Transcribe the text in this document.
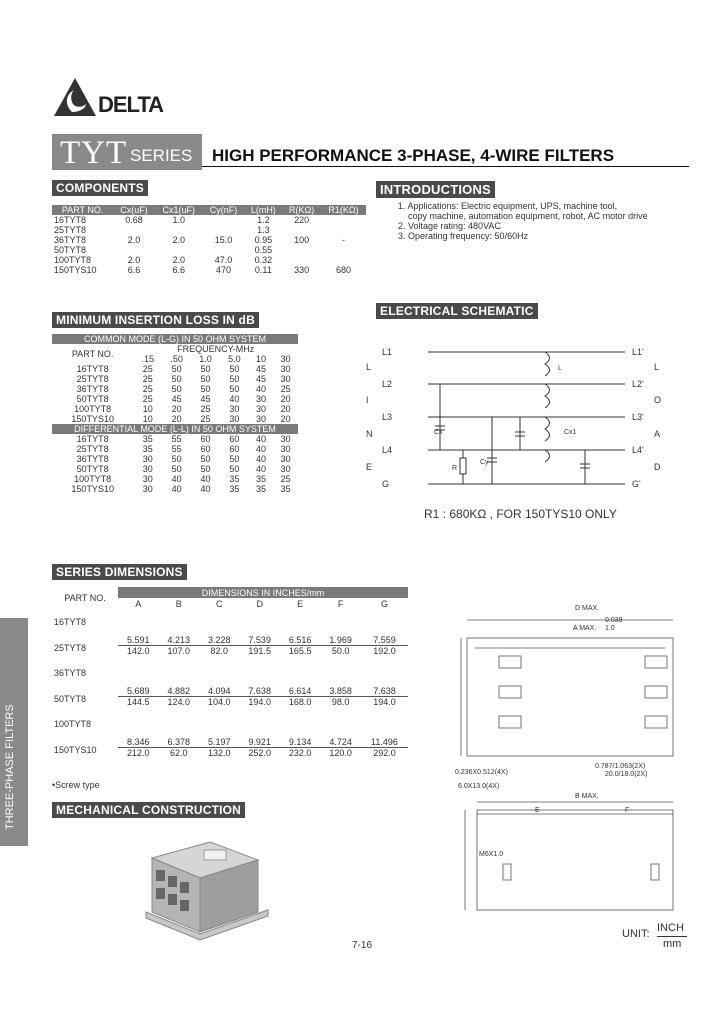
DELTA
TYT SERIES HIGH PERFORMANCE 3-PHASE, 4-WIRE FILTERS
COMPONENTS
PART NO.	Cx(uF)	Cx1(uF)	Cy(nF)	L(mH)	R(KΩ)	R1(KΩ)
16TYT8	0.68	1.0		1.2	220	
25TYT8				1.3		
36TYT8	2.0	2.0	15.0	0.95	100	-
50TYT8				0.55		
100TYT8	2.0	2.0	47.0	0.32		
150TYS10	6.6	6.6	470	0.11	330	680
INTRODUCTIONS

1. Applications: Electric equipment, UPS, machine tool,

copy machine, automation equipment, robot, AC motor drive

2. Voltage rating: 480VAC

3. Operating frequency: 50/60Hz

MINIMUM INSERTION LOSS IN dB
COMMON MODE (L-G) IN 50 OHM SYSTEM						
PART NO.	FREQUENCY-MHz					
	.15	.50	1.0	5.0	10	30
16TYT8	25	50	50	50	45	30
25TYT8	25	50	50	50	45	30
36TYT8	25	50	50	50	40	25
50TYT8	25	45	45	40	30	20
100TYT8	10	20	25	30	30	20
150TYS10	10	20	25	30	30	20
DIFFERENTIAL MODE (L-L) IN 50 OHM SYSTEM						
16TYT8	35	55	60	60	40	30
25TYT8	35	55	60	60	40	30
36TYT8	30	50	50	50	40	30
50TYT8	30	50	50	50	40	30
100TYT8	30	40	40	35	35	25
150TYS10	30	40	40	35	35	35
ELECTRICAL SCHEMATIC
L1
L2
L3
L4
G
L
I
N
E
L1'
L2'
L3'
L4'
G'
L
O
A
D
Cx	Cx1
Cy
R
L
R1 : 680KΩ , FOR 150TYS10 ONLY
SERIES DIMENSIONS
PART NO.	DIMENSIONS IN INCHES/mm						
	A	B	C	D	E	F	G
16TYT8							
25TYT8	5.591	4.213	3.228	7.539	6.516	1.969	7.559
	142.0	107.0	82.0	191.5	165.5	50.0	192.0
36TYT8							
50TYT8	5.689	4.882	4.094	7.638	6.614	3.858	7.638
	144.5	124.0	104.0	194.0	168.0	98.0	194.0
100TYT8							
150TYS10	8.346	6.378	5.197	9.921	9.134	4.724	11.496
	212.0	62.0	132.0	252.0	232.0	120.0	292.0
•Screw type
MECHANICAL CONSTRUCTION
D MAX.
A MAX.
0.039
1.0
0.236X0.512(4X)
0.787/1.063(2X)
20.0/18.0(2X)
6.0X13.0(4X)
B MAX.
E	F
M6X1.0
UNIT: INCH
mm
7-16
THREE-PHASE FILTERS
